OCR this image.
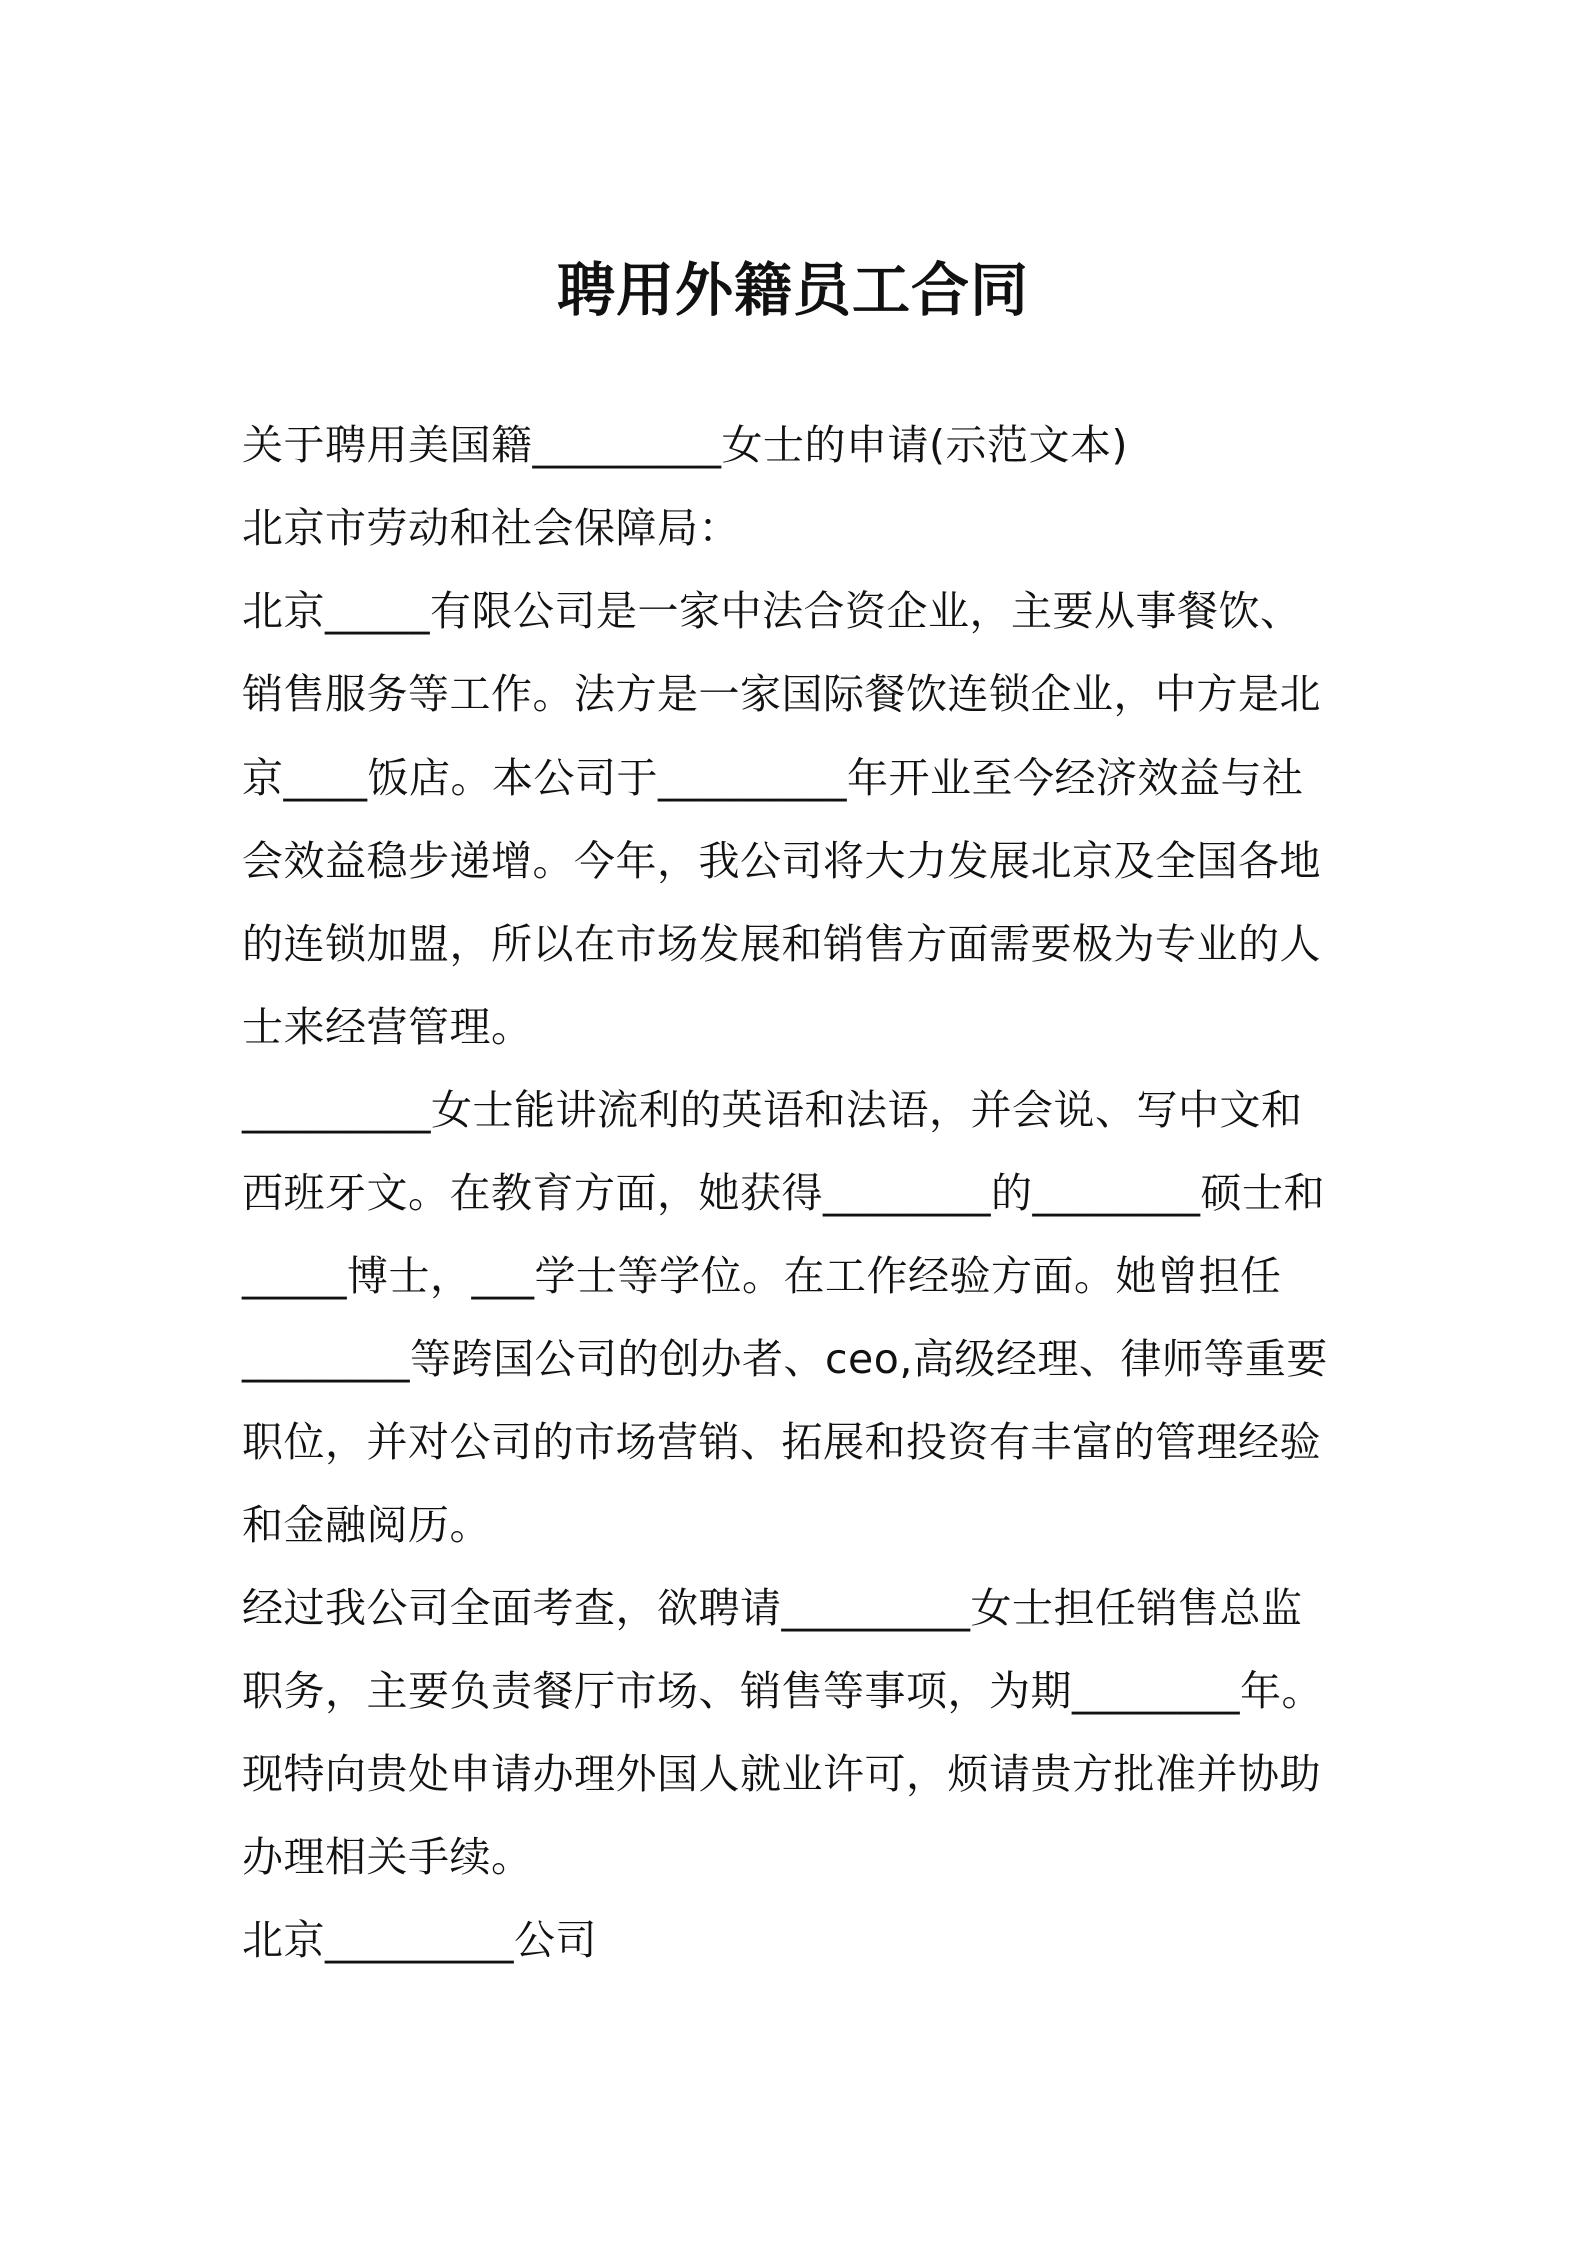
聘用外籍员工合同
关于聘用美国籍_________女士的申请(示范文本)
北京市劳动和社会保障局：
北京_____有限公司是一家中法合资企业，主要从事餐饮、
销售服务等工作。法方是一家国际餐饮连锁企业，中方是北
京____饭店。本公司于_________年开业至今经济效益与社
会效益稳步递增。今年，我公司将大力发展北京及全国各地
的连锁加盟，所以在市场发展和销售方面需要极为专业的人
士来经营管理。
_________女士能讲流利的英语和法语，并会说、写中文和
西班牙文。在教育方面，她获得________的________硕士和
_____博士，___学士等学位。在工作经验方面。她曾担任
________等跨国公司的创办者、ceo,高级经理、律师等重要
职位，并对公司的市场营销、拓展和投资有丰富的管理经验
和金融阅历。
经过我公司全面考查，欲聘请_________女士担任销售总监
职务，主要负责餐厅市场、销售等事项，为期________年。
现特向贵处申请办理外国人就业许可，烦请贵方批准并协助
办理相关手续。
北京_________公司
